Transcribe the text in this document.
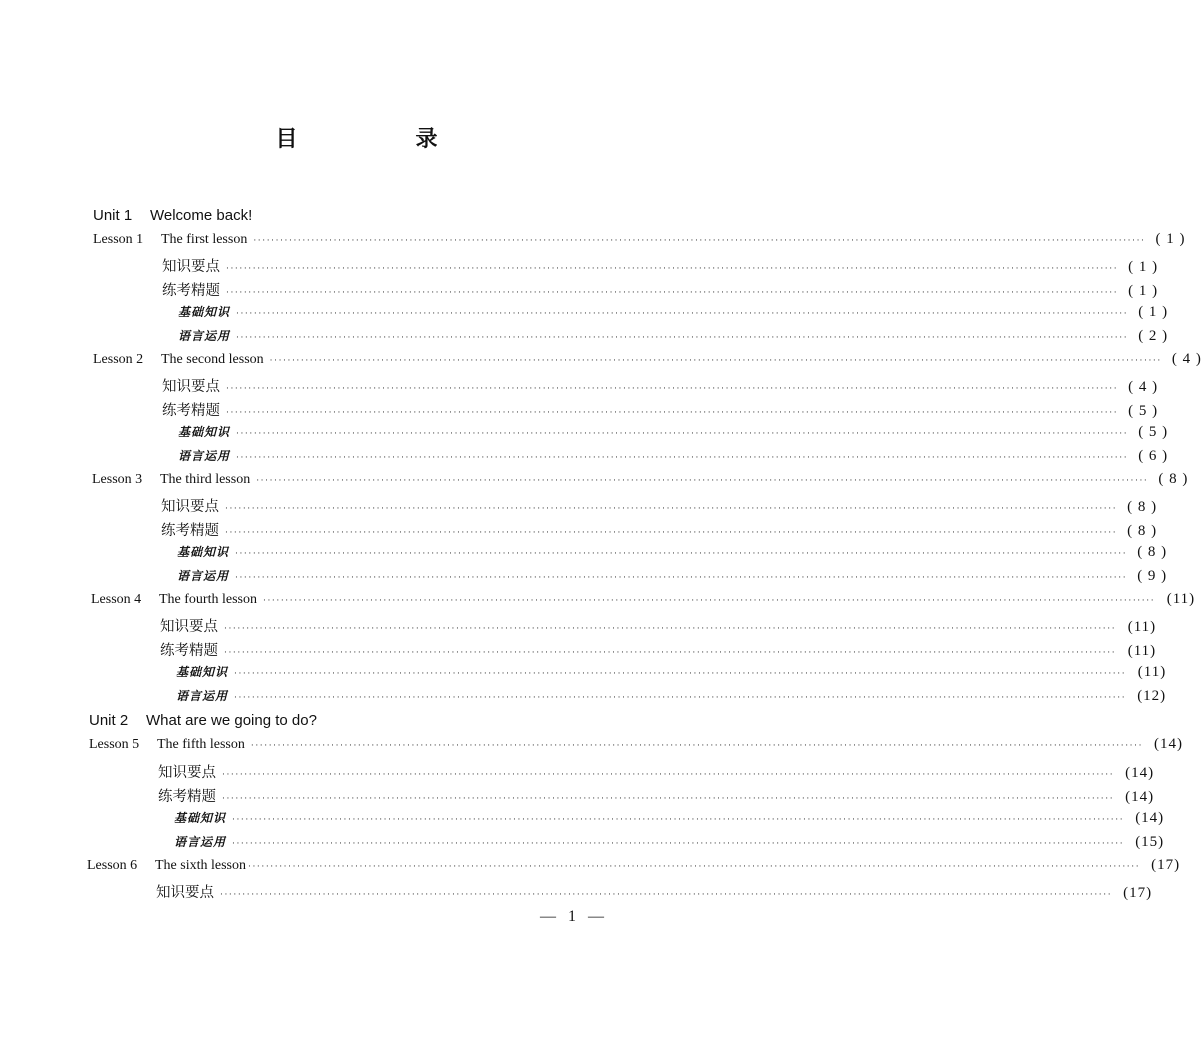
目　录
Unit 1 Welcome back!
Lesson 1	The first lesson ········································································································································································································ ( 1 )
知识要点 ········································································································································································································ ( 1 )
练考精题 ········································································································································································································ ( 1 )
基础知识 ········································································································································································································ ( 1 )
语言运用 ········································································································································································································ ( 2 )
Lesson 2	The second lesson ········································································································································································································ ( 4 )
知识要点 ········································································································································································································ ( 4 )
练考精题 ········································································································································································································ ( 5 )
基础知识 ········································································································································································································ ( 5 )
语言运用 ········································································································································································································ ( 6 )
Lesson 3	The third lesson ········································································································································································································ ( 8 )
知识要点 ········································································································································································································ ( 8 )
练考精题 ········································································································································································································ ( 8 )
基础知识 ········································································································································································································ ( 8 )
语言运用 ········································································································································································································ ( 9 )
Lesson 4	The fourth lesson ········································································································································································································ (11)
知识要点 ········································································································································································································ (11)
练考精题 ········································································································································································································ (11)
基础知识 ········································································································································································································ (11)
语言运用 ········································································································································································································ (12)
Unit 2 What are we going to do?
Lesson 5	The fifth lesson ········································································································································································································ (14)
知识要点 ········································································································································································································ (14)
练考精题 ········································································································································································································ (14)
基础知识 ········································································································································································································ (14)
语言运用 ········································································································································································································ (15)
Lesson 6	The sixth lesson ········································································································································································································ (17)
知识要点 ········································································································································································································ (17)
— 1 —
